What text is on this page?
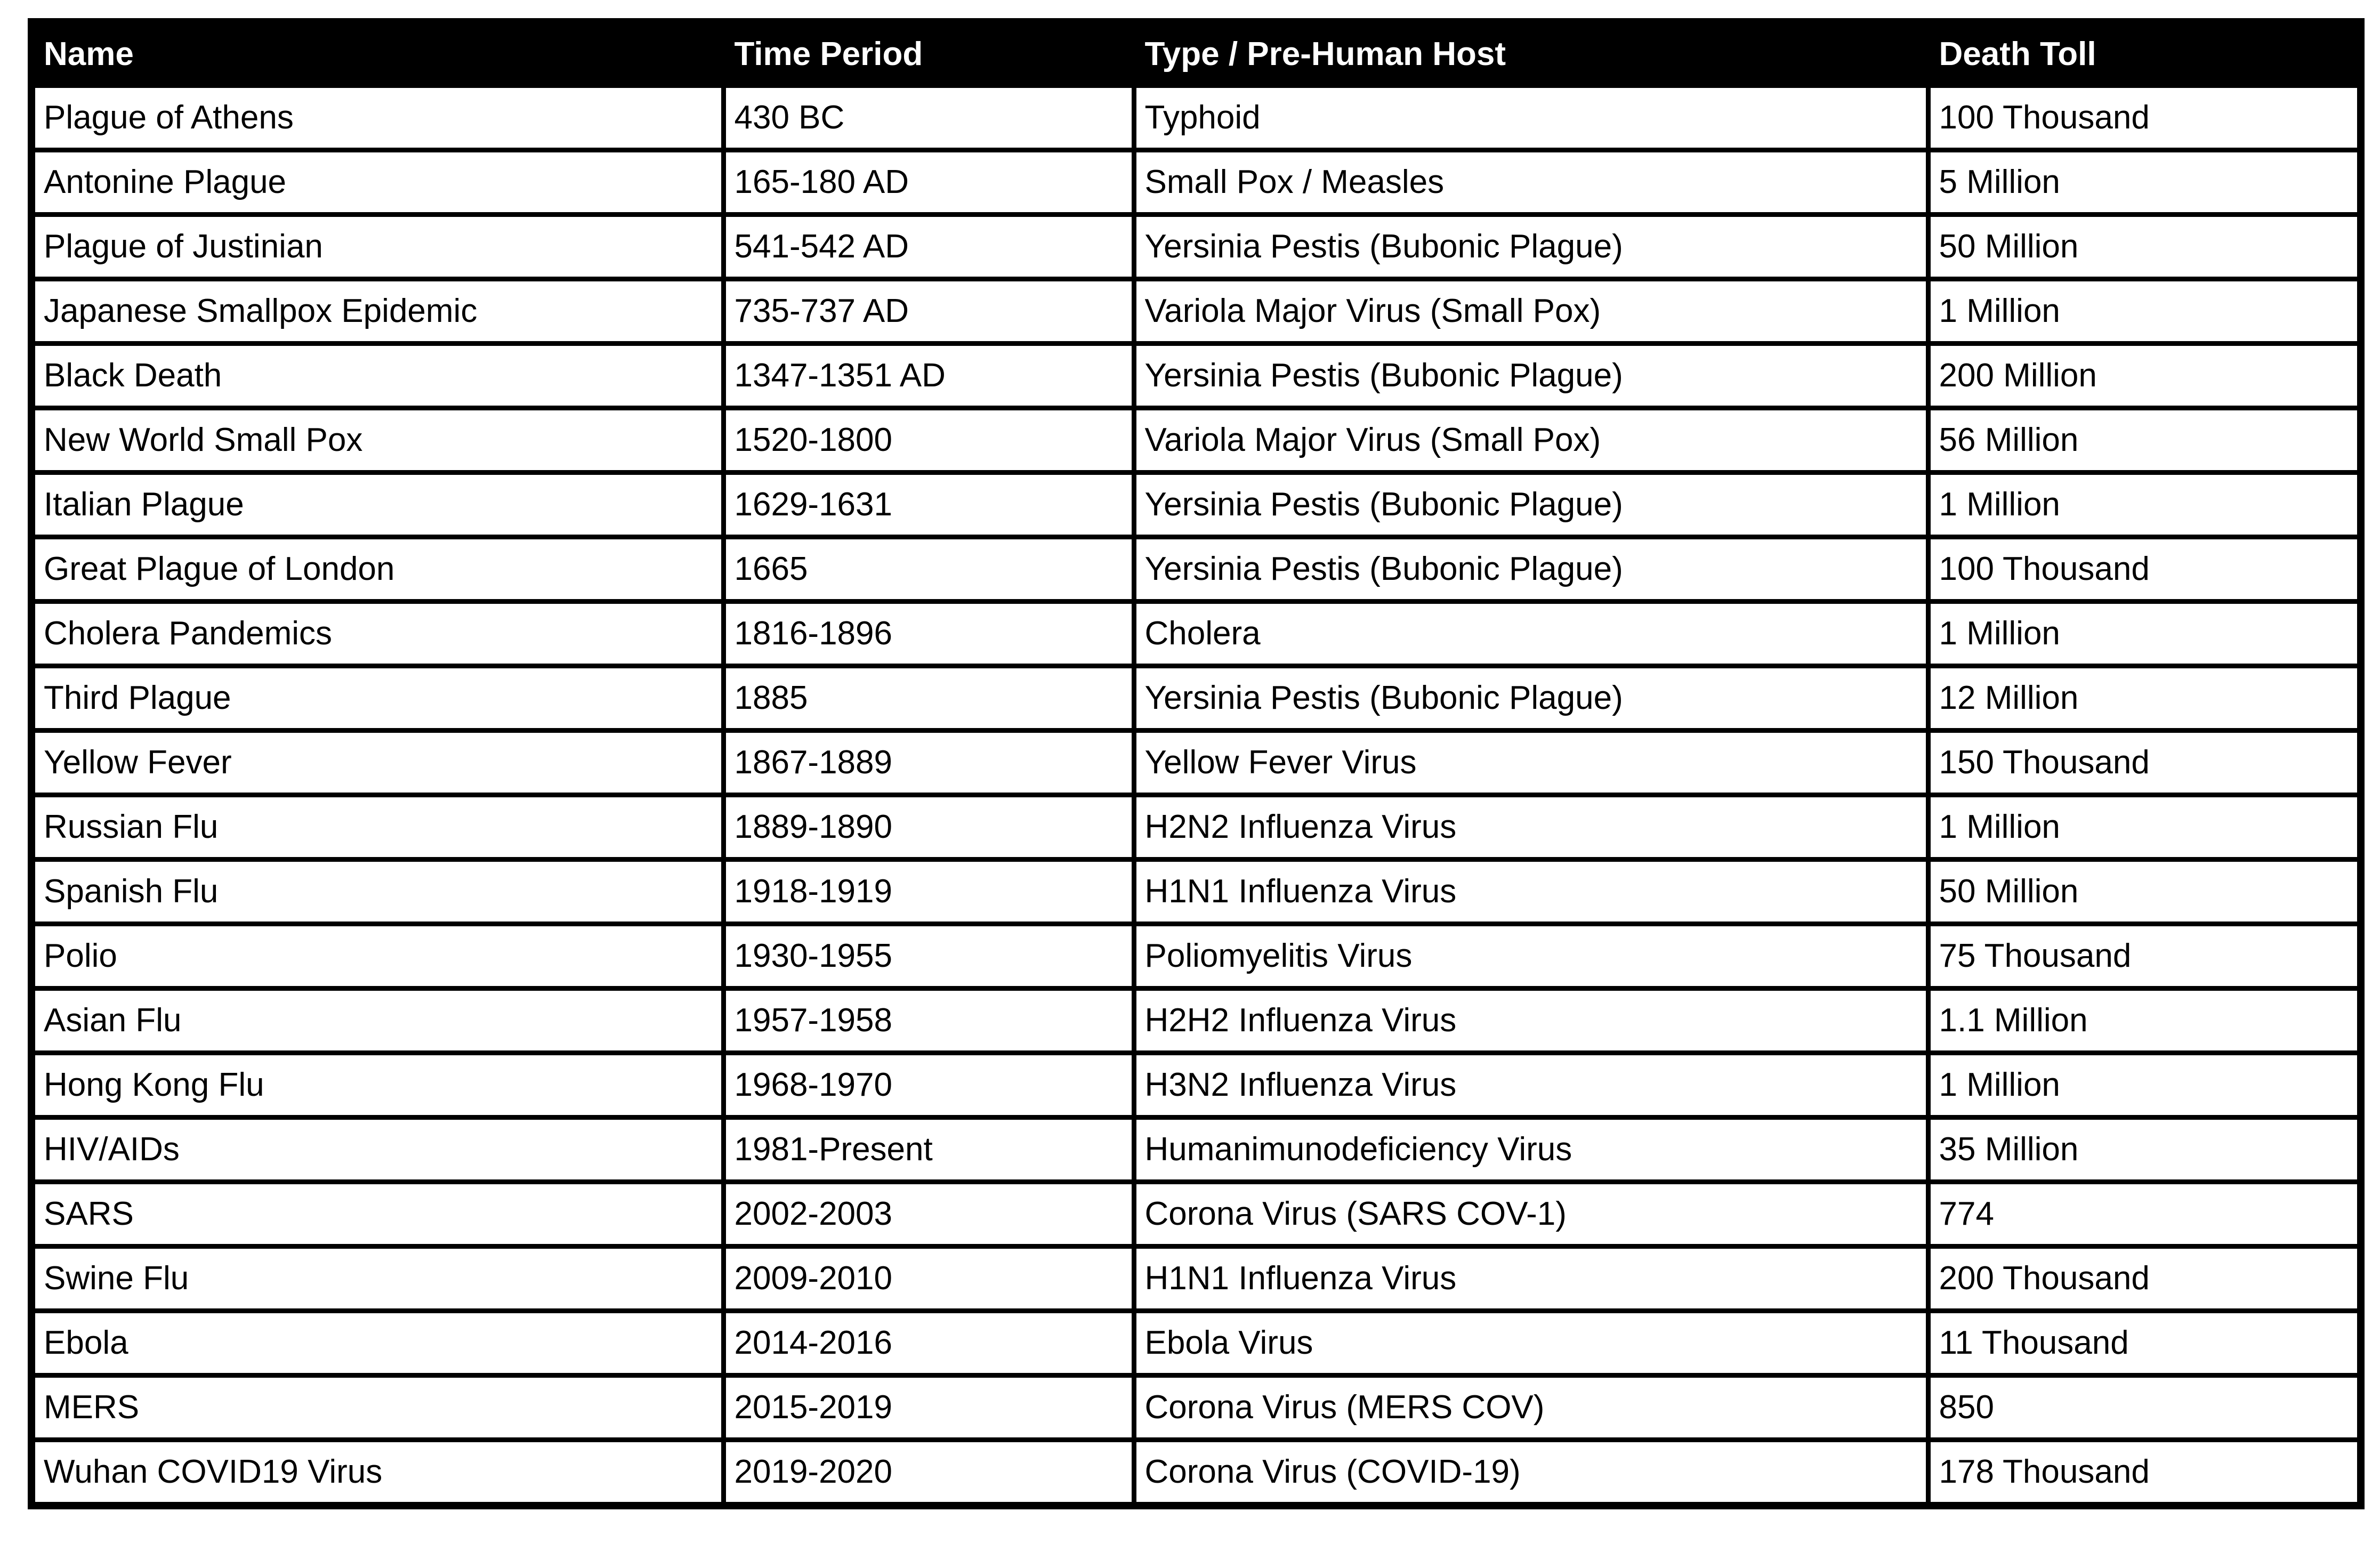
Name	Time Period	Type / Pre-Human Host	Death Toll
Plague of Athens	430 BC	Typhoid	100 Thousand
Antonine Plague	165-180 AD	Small Pox / Measles	5 Million
Plague of Justinian	541-542 AD	Yersinia Pestis (Bubonic Plague)	50 Million
Japanese Smallpox Epidemic	735-737 AD	Variola Major Virus (Small Pox)	1 Million
Black Death	1347-1351 AD	Yersinia Pestis (Bubonic Plague)	200 Million
New World Small Pox	1520-1800	Variola Major Virus (Small Pox)	56 Million
Italian Plague	1629-1631	Yersinia Pestis (Bubonic Plague)	1 Million
Great Plague of London	1665	Yersinia Pestis (Bubonic Plague)	100 Thousand
Cholera Pandemics	1816-1896	Cholera	1 Million
Third Plague	1885	Yersinia Pestis (Bubonic Plague)	12 Million
Yellow Fever	1867-1889	Yellow Fever Virus	150 Thousand
Russian Flu	1889-1890	H2N2 Influenza Virus	1 Million
Spanish Flu	1918-1919	H1N1 Influenza Virus	50 Million
Polio	1930-1955	Poliomyelitis Virus	75 Thousand
Asian Flu	1957-1958	H2H2 Influenza Virus	1.1 Million
Hong Kong Flu	1968-1970	H3N2 Influenza Virus	1 Million
HIV/AIDs	1981-Present	Humanimunodeficiency Virus	35 Million
SARS	2002-2003	Corona Virus (SARS COV-1)	774
Swine Flu	2009-2010	H1N1 Influenza Virus	200 Thousand
Ebola	2014-2016	Ebola Virus	11 Thousand
MERS	2015-2019	Corona Virus (MERS COV)	850
Wuhan COVID19 Virus	2019-2020	Corona Virus (COVID-19)	178 Thousand
